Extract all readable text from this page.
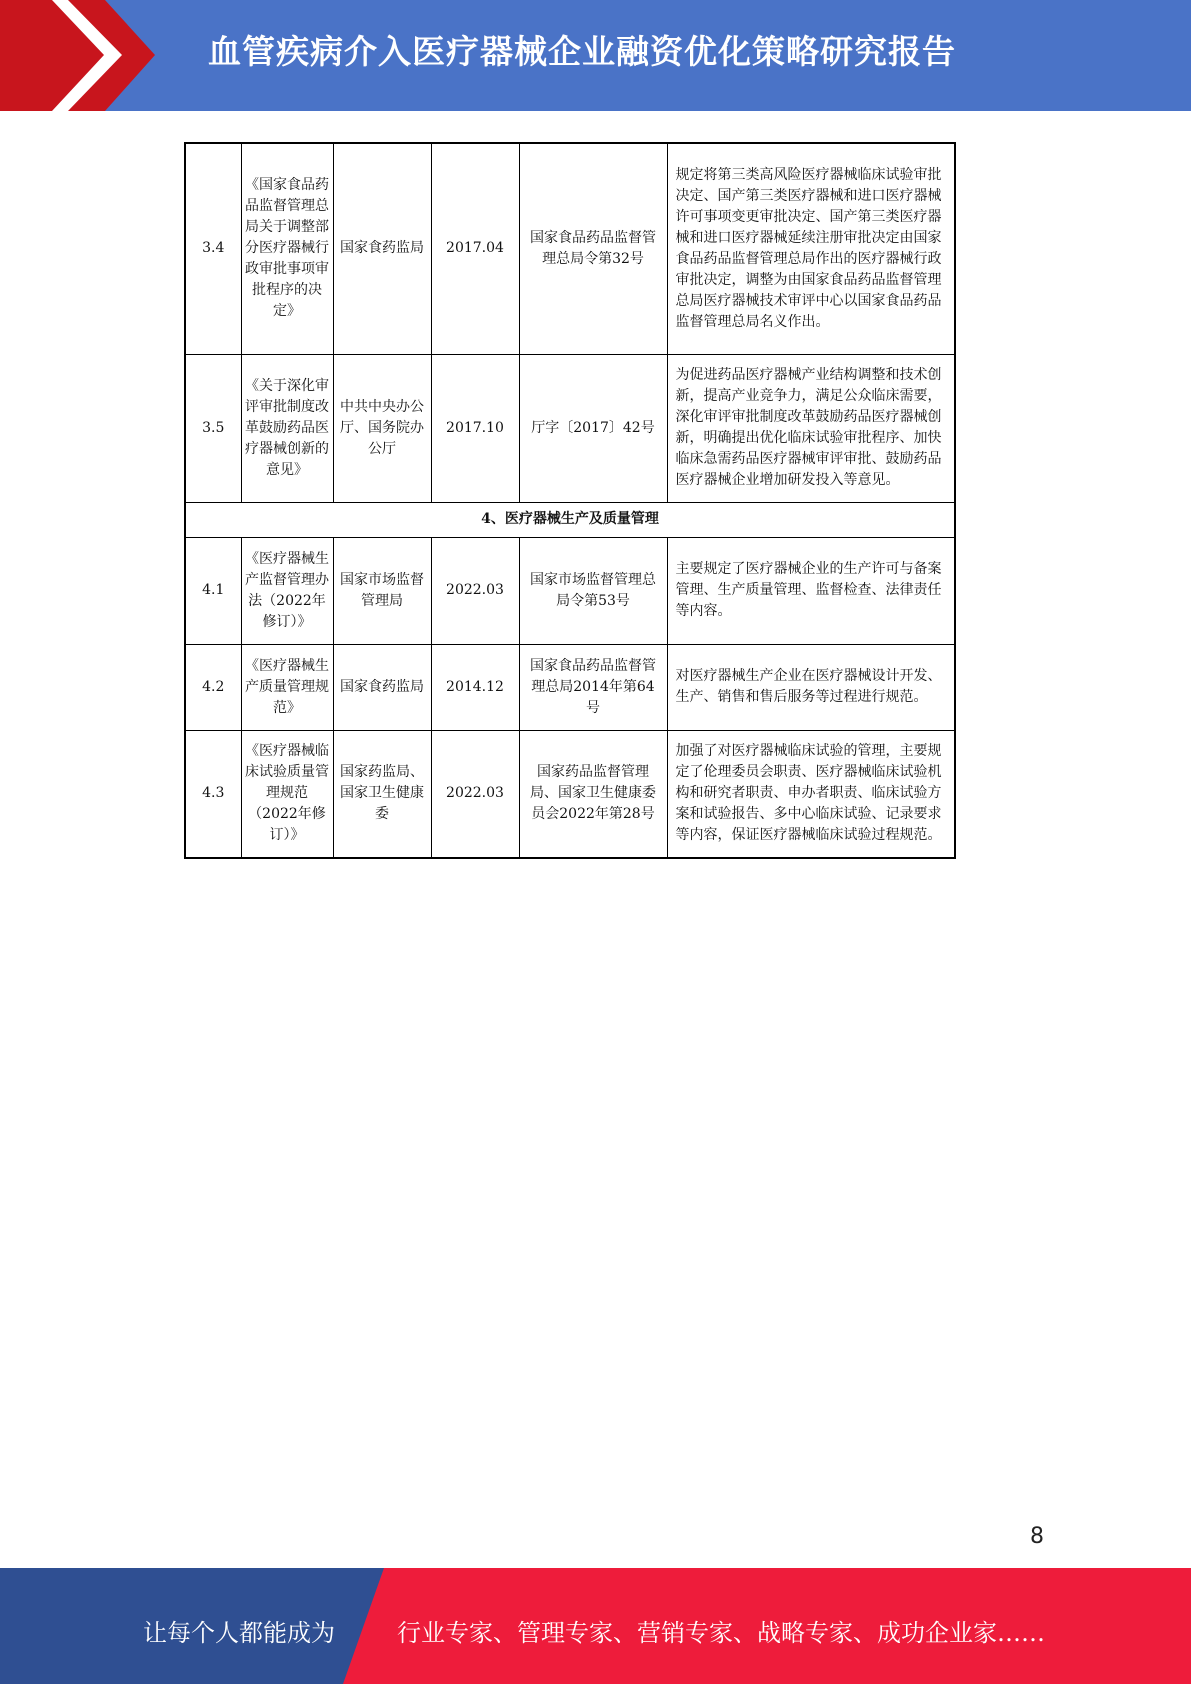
血管疾病介入医疗器械企业融资优化策略研究报告
3.4	《国家食品药品监督管理总局关于调整部分医疗器械行政审批事项审批程序的决定》	国家食药监局	2017.04	国家食品药品监督管理总局令第32号	规定将第三类高风险医疗器械临床试验审批决定、国产第三类医疗器械和进口医疗器械许可事项变更审批决定、国产第三类医疗器械和进口医疗器械延续注册审批决定由国家食品药品监督管理总局作出的医疗器械行政审批决定，调整为由国家食品药品监督管理总局医疗器械技术审评中心以国家食品药品监督管理总局名义作出。
3.5	《关于深化审评审批制度改革鼓励药品医疗器械创新的意见》	中共中央办公厅、国务院办公厅	2017.10	厅字〔2017〕42号	为促进药品医疗器械产业结构调整和技术创新，提高产业竞争力，满足公众临床需要，深化审评审批制度改革鼓励药品医疗器械创新，明确提出优化临床试验审批程序、加快临床急需药品医疗器械审评审批、鼓励药品医疗器械企业增加研发投入等意见。
4、医疗器械生产及质量管理					
4.1	《医疗器械生产监督管理办法（2022年修订）》	国家市场监督管理局	2022.03	国家市场监督管理总局令第53号	主要规定了医疗器械企业的生产许可与备案管理、生产质量管理、监督检查、法律责任等内容。
4.2	《医疗器械生产质量管理规范》	国家食药监局	2014.12	国家食品药品监督管理总局2014年第64号	对医疗器械生产企业在医疗器械设计开发、生产、销售和售后服务等过程进行规范。
4.3	《医疗器械临床试验质量管理规范（2022年修订）》	国家药监局、国家卫生健康委	2022.03	国家药品监督管理局、国家卫生健康委员会2022年第28号	加强了对医疗器械临床试验的管理，主要规定了伦理委员会职责、医疗器械临床试验机构和研究者职责、申办者职责、临床试验方案和试验报告、多中心临床试验、记录要求等内容，保证医疗器械临床试验过程规范。
8
让每个人都能成为	行业专家、管理专家、营销专家、战略专家、成功企业家……
